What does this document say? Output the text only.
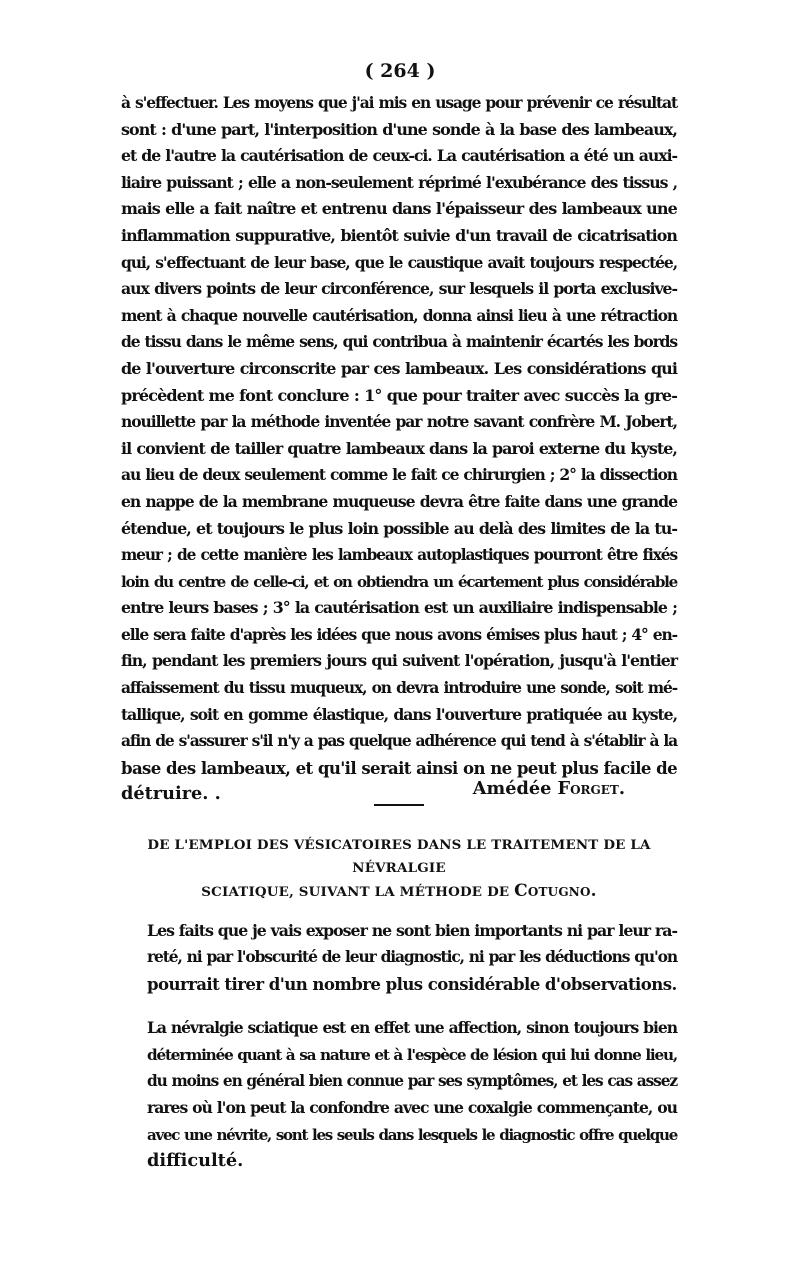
( 264 )
à s'effectuer. Les moyens que j'ai mis en usage pour prévenir ce résultat
sont : d'une part, l'interposition d'une sonde à la base des lambeaux,
et de l'autre la cautérisation de ceux-ci. La cautérisation a été un auxi-
liaire puissant ; elle a non-seulement réprimé l'exubérance des tissus ,
mais elle a fait naître et entrenu dans l'épaisseur des lambeaux une
inflammation suppurative, bientôt suivie d'un travail de cicatrisation
qui, s'effectuant de leur base, que le caustique avait toujours respectée,
aux divers points de leur circonférence, sur lesquels il porta exclusive-
ment à chaque nouvelle cautérisation, donna ainsi lieu à une rétraction
de tissu dans le même sens, qui contribua à maintenir écartés les bords
de l'ouverture circonscrite par ces lambeaux. Les considérations qui
précèdent me font conclure : 1° que pour traiter avec succès la gre-
nouillette par la méthode inventée par notre savant confrère M. Jobert,
il convient de tailler quatre lambeaux dans la paroi externe du kyste,
au lieu de deux seulement comme le fait ce chirurgien ; 2° la dissection
en nappe de la membrane muqueuse devra être faite dans une grande
étendue, et toujours le plus loin possible au delà des limites de la tu-
meur ; de cette manière les lambeaux autoplastiques pourront être fixés
loin du centre de celle-ci, et on obtiendra un écartement plus considérable
entre leurs bases ; 3° la cautérisation est un auxiliaire indispensable ;
elle sera faite d'après les idées que nous avons émises plus haut ; 4° en-
fin, pendant les premiers jours qui suivent l'opération, jusqu'à l'entier
affaissement du tissu muqueux, on devra introduire une sonde, soit mé-
tallique, soit en gomme élastique, dans l'ouverture pratiquée au kyste,
afin de s'assurer s'il n'y a pas quelque adhérence qui tend à s'établir à la
base des lambeaux, et qu'il serait ainsi on ne peut plus facile de
détruire. .	Amédée Forget.
DE L'EMPLOI DES VÉSICATOIRES DANS LE TRAITEMENT DE LA NÉVRALGIE
SCIATIQUE, SUIVANT LA MÉTHODE DE Cotugno.

Les faits que je vais exposer ne sont bien importants ni par leur ra-
reté, ni par l'obscurité de leur diagnostic, ni par les déductions qu'on
pourrait tirer d'un nombre plus considérable d'observations.

La névralgie sciatique est en effet une affection, sinon toujours bien
déterminée quant à sa nature et à l'espèce de lésion qui lui donne lieu,
du moins en général bien connue par ses symptômes, et les cas assez
rares où l'on peut la confondre avec une coxalgie commençante, ou
avec une névrite, sont les seuls dans lesquels le diagnostic offre quelque
difficulté.
